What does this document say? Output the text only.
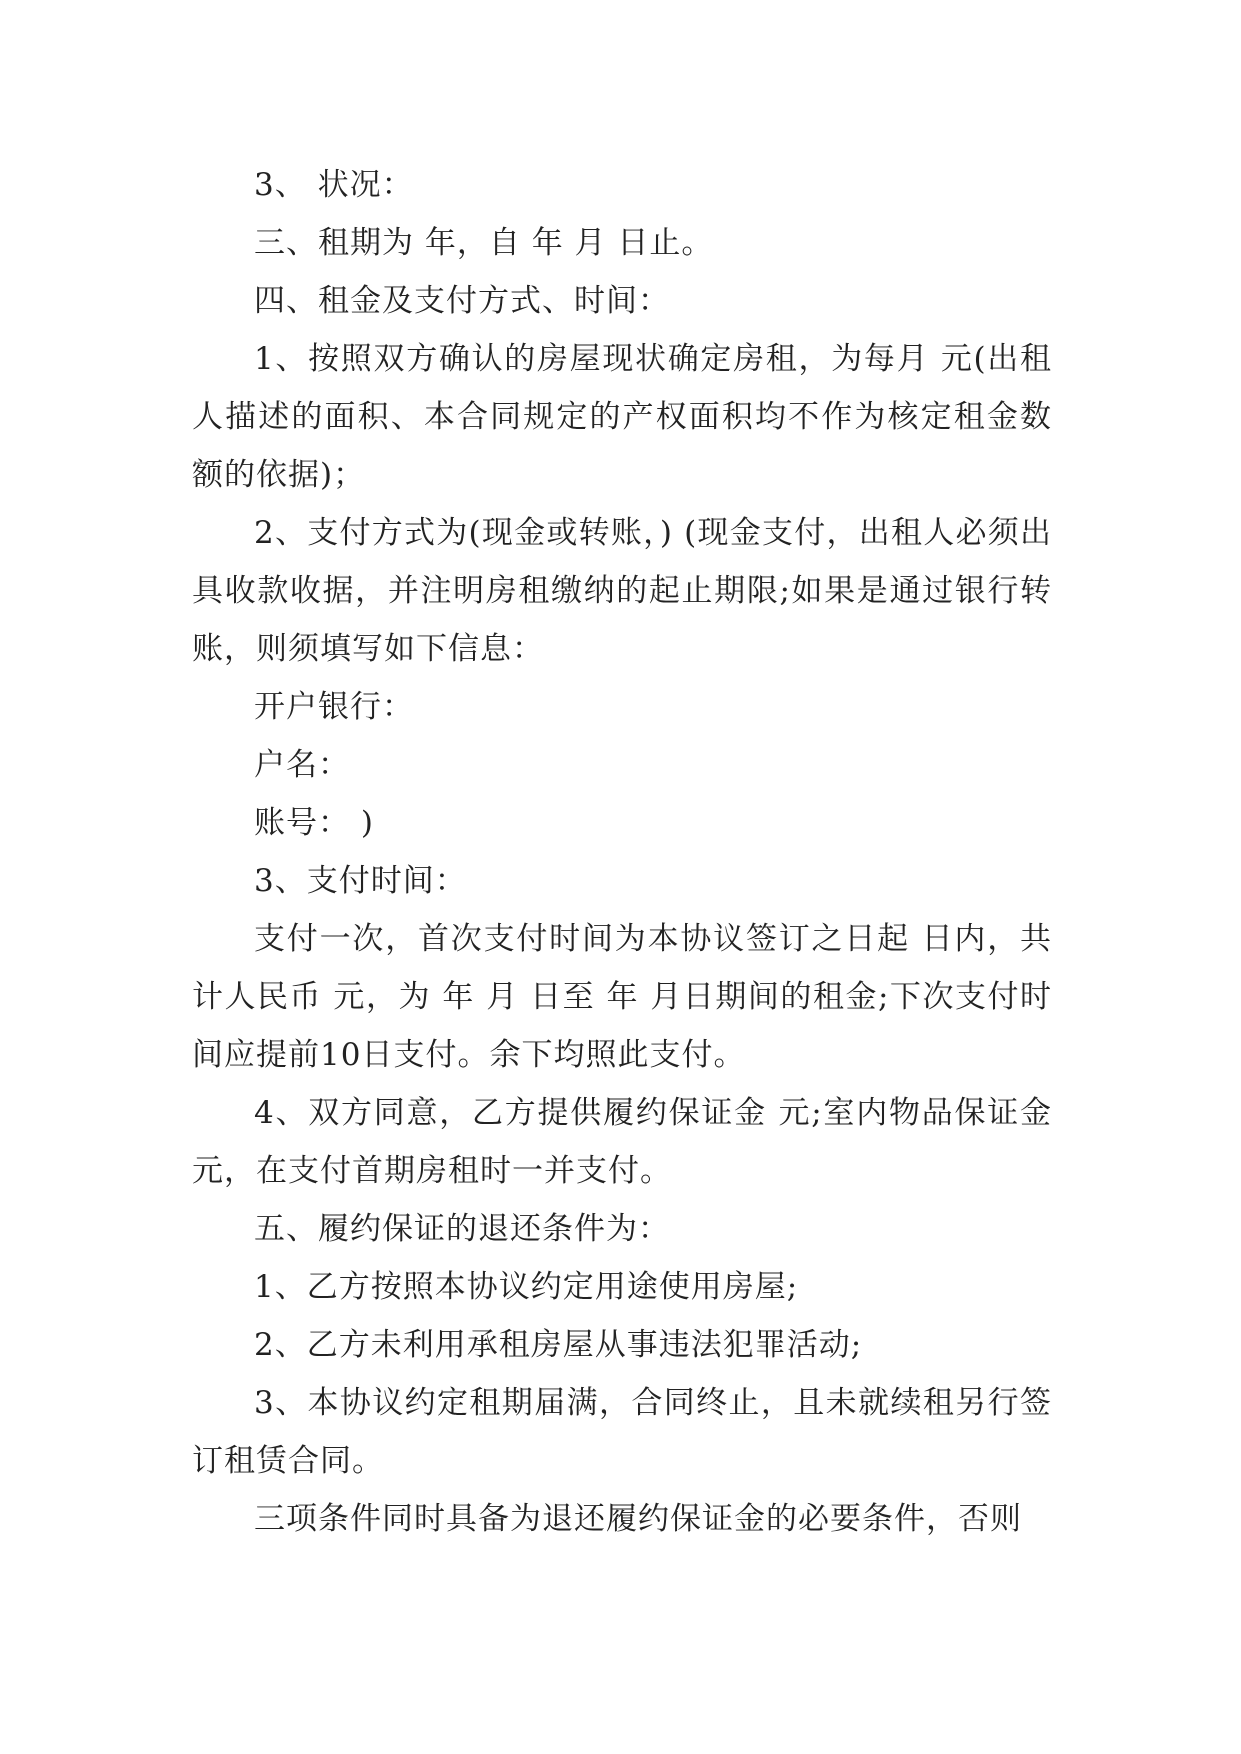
3、 状况：

三、租期为 年，自 年 月 日止。

四、租金及支付方式、时间：

1、按照双方确认的房屋现状确定房租，为每月 元(出租人描述的面积、本合同规定的产权面积均不作为核定租金数额的依据)；

2、支付方式为(现金或转账，) (现金支付，出租人必须出具收款收据，并注明房租缴纳的起止期限;如果是通过银行转账，则须填写如下信息：

开户银行：

户名：

账号： )

3、支付时间：

支付一次，首次支付时间为本协议签订之日起 日内，共计人民币 元，为 年 月 日至 年 月日期间的租金;下次支付时间应提前10日支付。余下均照此支付。

4、双方同意，乙方提供履约保证金 元;室内物品保证金 元，在支付首期房租时一并支付。

五、履约保证的退还条件为：

1、乙方按照本协议约定用途使用房屋;

2、乙方未利用承租房屋从事违法犯罪活动;

3、本协议约定租期届满，合同终止，且未就续租另行签订租赁合同。

三项条件同时具备为退还履约保证金的必要条件，否则
